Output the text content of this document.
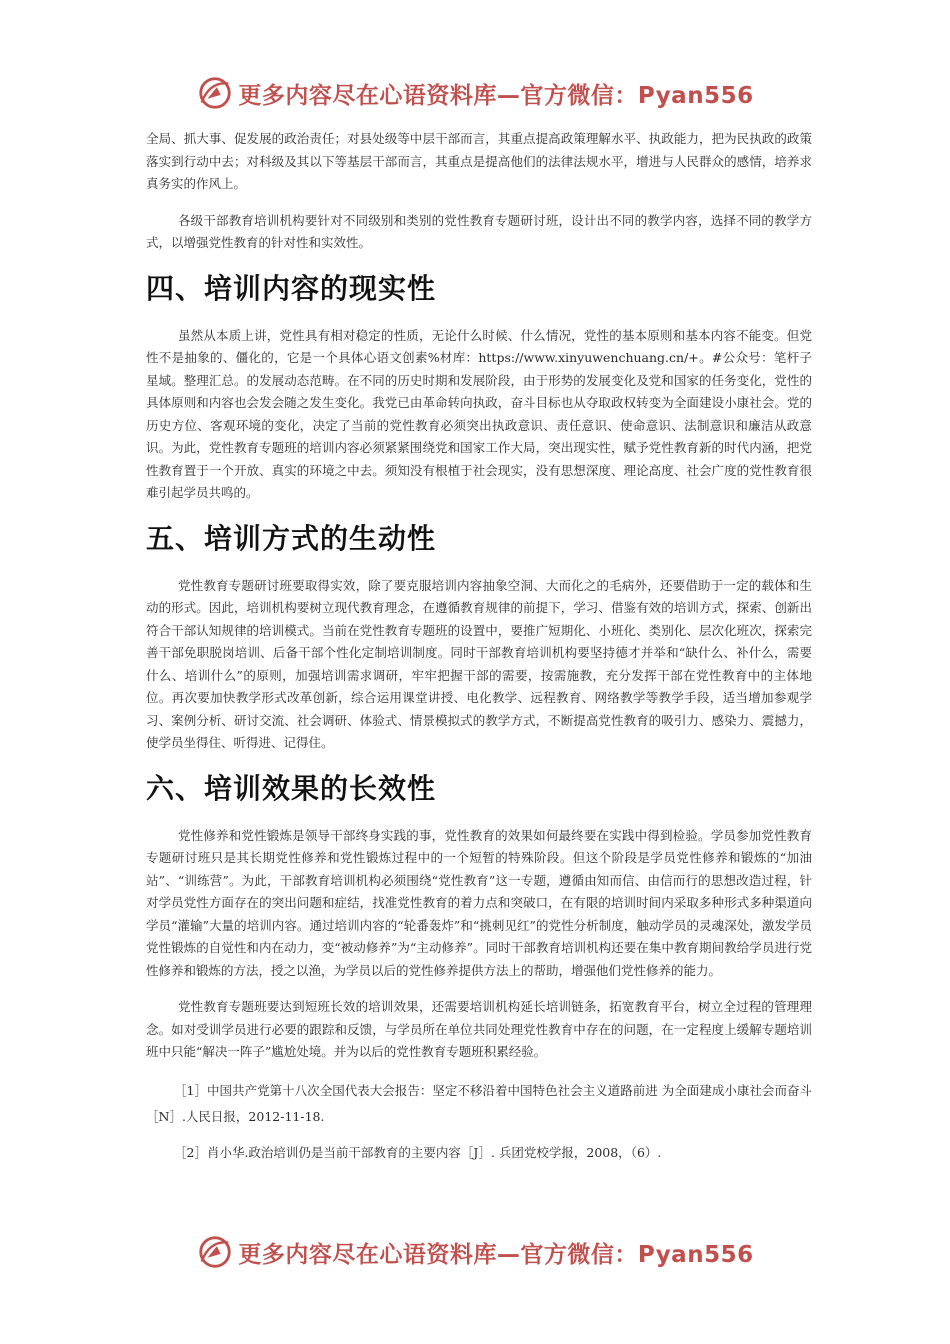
更多内容尽在心语资料库—官方微信：Pyan556

全局、抓大事、促发展的政治责任；对县处级等中层干部而言，其重点提高政策理解水平、执政能力，把为民执政的政策落实到行动中去；对科级及其以下等基层干部而言，其重点是提高他们的法律法规水平，增进与人民群众的感情，培养求真务实的作风上。

各级干部教育培训机构要针对不同级别和类别的党性教育专题研讨班，设计出不同的教学内容，选择不同的教学方式，以增强党性教育的针对性和实效性。

四、培训内容的现实性

虽然从本质上讲，党性具有相对稳定的性质，无论什么时候、什么情况，党性的基本原则和基本内容不能变。但党性不是抽象的、僵化的，它是一个具体心语文创素%材库：https://www.xinyuwenchuang.cn/+。#公众号：笔杆子星域。整理汇总。的发展动态范畴。在不同的历史时期和发展阶段，由于形势的发展变化及党和国家的任务变化，党性的具体原则和内容也会发会随之发生变化。我党已由革命转向执政，奋斗目标也从夺取政权转变为全面建设小康社会。党的历史方位、客观环境的变化，决定了当前的党性教育必须突出执政意识、责任意识、使命意识、法制意识和廉洁从政意识。为此，党性教育专题班的培训内容必须紧紧围绕党和国家工作大局，突出现实性，赋予党性教育新的时代内涵，把党性教育置于一个开放、真实的环境之中去。须知没有根植于社会现实，没有思想深度、理论高度、社会广度的党性教育很难引起学员共鸣的。

五、培训方式的生动性

党性教育专题研讨班要取得实效，除了要克服培训内容抽象空洞、大而化之的毛病外，还要借助于一定的载体和生动的形式。因此，培训机构要树立现代教育理念，在遵循教育规律的前提下，学习、借鉴有效的培训方式，探索、创新出符合干部认知规律的培训模式。当前在党性教育专题班的设置中，要推广短期化、小班化、类别化、层次化班次，探索完善干部免职脱岗培训、后备干部个性化定制培训制度。同时干部教育培训机构要坚持德才并举和“缺什么、补什么，需要什么、培训什么”的原则，加强培训需求调研，牢牢把握干部的需要，按需施教，充分发挥干部在党性教育中的主体地位。再次要加快教学形式改革创新，综合运用课堂讲授、电化教学、远程教育、网络教学等教学手段，适当增加参观学习、案例分析、研讨交流、社会调研、体验式、情景模拟式的教学方式，不断提高党性教育的吸引力、感染力、震撼力，使学员坐得住、听得进、记得住。

六、培训效果的长效性

党性修养和党性锻炼是领导干部终身实践的事，党性教育的效果如何最终要在实践中得到检验。学员参加党性教育专题研讨班只是其长期党性修养和党性锻炼过程中的一个短暂的特殊阶段。但这个阶段是学员党性修养和锻炼的“加油站”、“训练营”。为此，干部教育培训机构必须围绕“党性教育”这一专题，遵循由知而信、由信而行的思想改造过程，针对学员党性方面存在的突出问题和症结，找准党性教育的着力点和突破口，在有限的培训时间内采取多种形式多种渠道向学员“灌输”大量的培训内容。通过培训内容的“轮番轰炸”和“挑刺见红”的党性分析制度，触动学员的灵魂深处，激发学员党性锻炼的自觉性和内在动力，变“被动修养”为“主动修养”。同时干部教育培训机构还要在集中教育期间教给学员进行党性修养和锻炼的方法，授之以渔，为学员以后的党性修养提供方法上的帮助，增强他们党性修养的能力。

党性教育专题班要达到短班长效的培训效果，还需要培训机构延长培训链条，拓宽教育平台，树立全过程的管理理念。如对受训学员进行必要的跟踪和反馈，与学员所在单位共同处理党性教育中存在的问题，在一定程度上缓解专题培训班中只能“解决一阵子”尴尬处境。并为以后的党性教育专题班积累经验。

［1］中国共产党第十八次全国代表大会报告：坚定不移沿着中国特色社会主义道路前进 为全面建成小康社会而奋斗［N］.人民日报，2012-11-18.

［2］肖小华.政治培训仍是当前干部教育的主要内容［J］. 兵团党校学报，2008，（6）.

更多内容尽在心语资料库—官方微信：Pyan556
